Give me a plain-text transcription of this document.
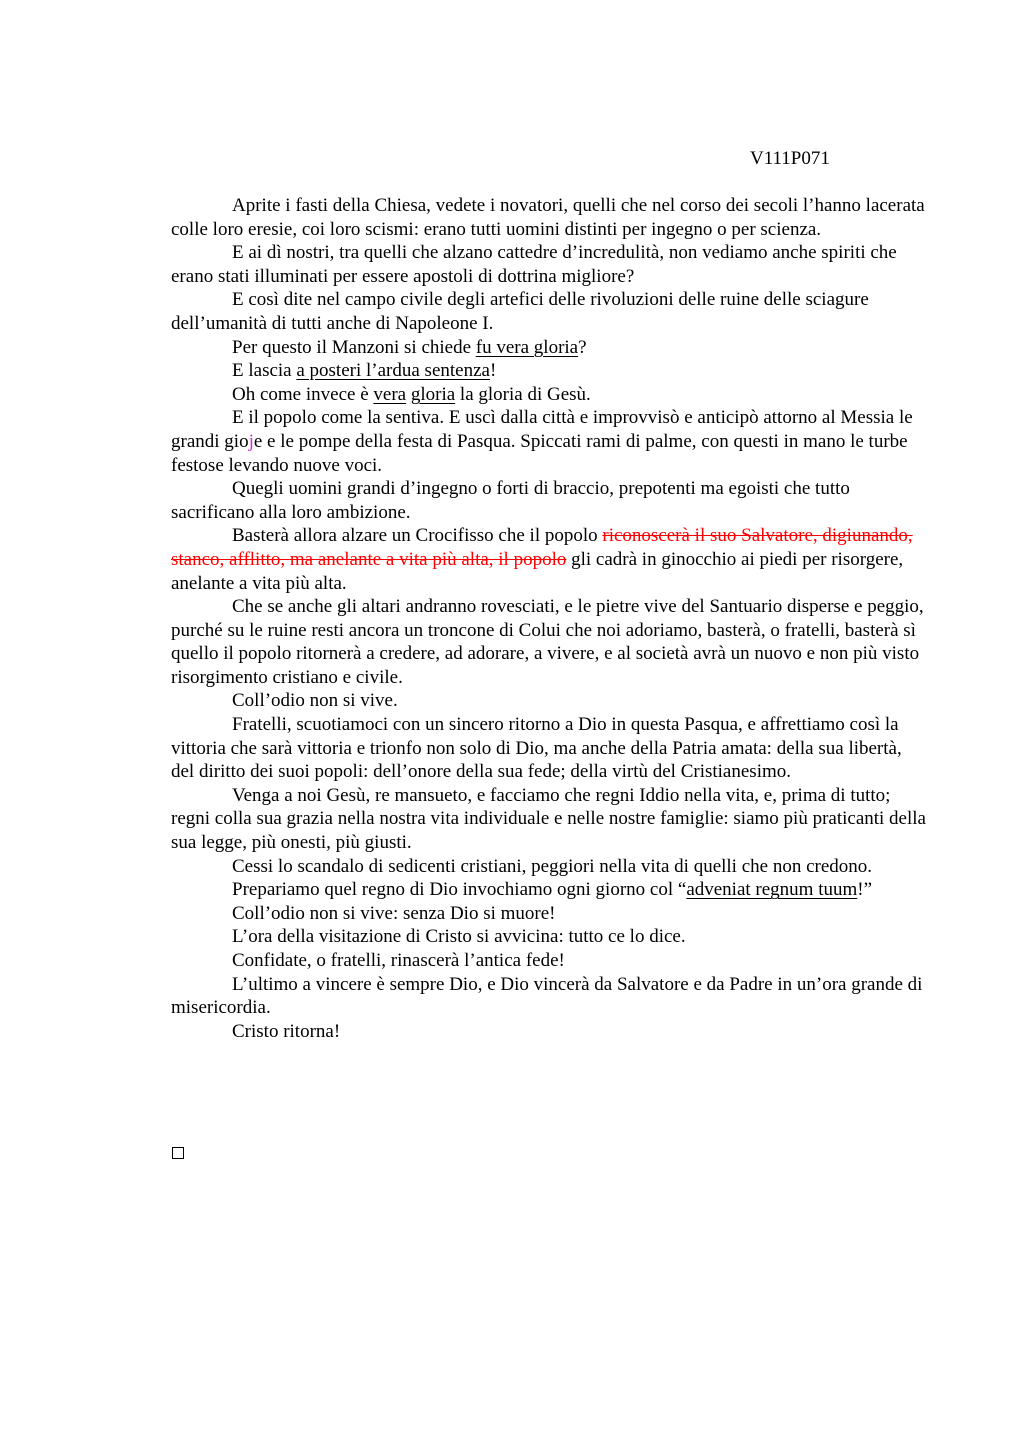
V111P071

Aprite i fasti della Chiesa, vedete i novatori, quelli che nel corso dei secoli l’hanno lacerata colle loro eresie, coi loro scismi: erano tutti uomini distinti per ingegno o per scienza.

E ai dì nostri, tra quelli che alzano cattedre d’incredulità, non vediamo anche spiriti che erano stati illuminati per essere apostoli di dottrina migliore?

E così dite nel campo civile degli artefici delle rivoluzioni delle ruine delle sciagure dell’umanità di tutti anche di Napoleone I.

Per questo il Manzoni si chiede fu vera gloria?

E lascia a posteri l’ardua sentenza!

Oh come invece è vera gloria la gloria di Gesù.

E il popolo come la sentiva. E uscì dalla città e improvvisò e anticipò attorno al Messia le grandi gioje e le pompe della festa di Pasqua. Spiccati rami di palme, con questi in mano le turbe festose levando nuove voci.

Quegli uomini grandi d’ingegno o forti di braccio, prepotenti ma egoisti che tutto sacrificano alla loro ambizione.

Basterà allora alzare un Crocifisso che il popolo riconoscerà il suo Salvatore, digiunando, stanco, afflitto, ma anelante a vita più alta, il popolo gli cadrà in ginocchio ai piedi per risorgere, anelante a vita più alta.

Che se anche gli altari andranno rovesciati, e le pietre vive del Santuario disperse e peggio, purché su le ruine resti ancora un troncone di Colui che noi adoriamo, basterà, o fratelli, basterà sì quello il popolo ritornerà a credere, ad adorare, a vivere, e al società avrà un nuovo e non più visto risorgimento cristiano e civile.

Coll’odio non si vive.

Fratelli, scuotiamoci con un sincero ritorno a Dio in questa Pasqua, e affrettiamo così la vittoria che sarà vittoria e trionfo non solo di Dio, ma anche della Patria amata: della sua libertà, del diritto dei suoi popoli: dell’onore della sua fede; della virtù del Cristianesimo.

Venga a noi Gesù, re mansueto, e facciamo che regni Iddio nella vita, e, prima di tutto; regni colla sua grazia nella nostra vita individuale e nelle nostre famiglie: siamo più praticanti della sua legge, più onesti, più giusti.

Cessi lo scandalo di sedicenti cristiani, peggiori nella vita di quelli che non credono.

Prepariamo quel regno di Dio invochiamo ogni giorno col “adveniat regnum tuum!”

Coll’odio non si vive: senza Dio si muore!

L’ora della visitazione di Cristo si avvicina: tutto ce lo dice.

Confidate, o fratelli, rinascerà l’antica fede!

L’ultimo a vincere è sempre Dio, e Dio vincerà da Salvatore e da Padre in un’ora grande di misericordia.

Cristo ritorna!
